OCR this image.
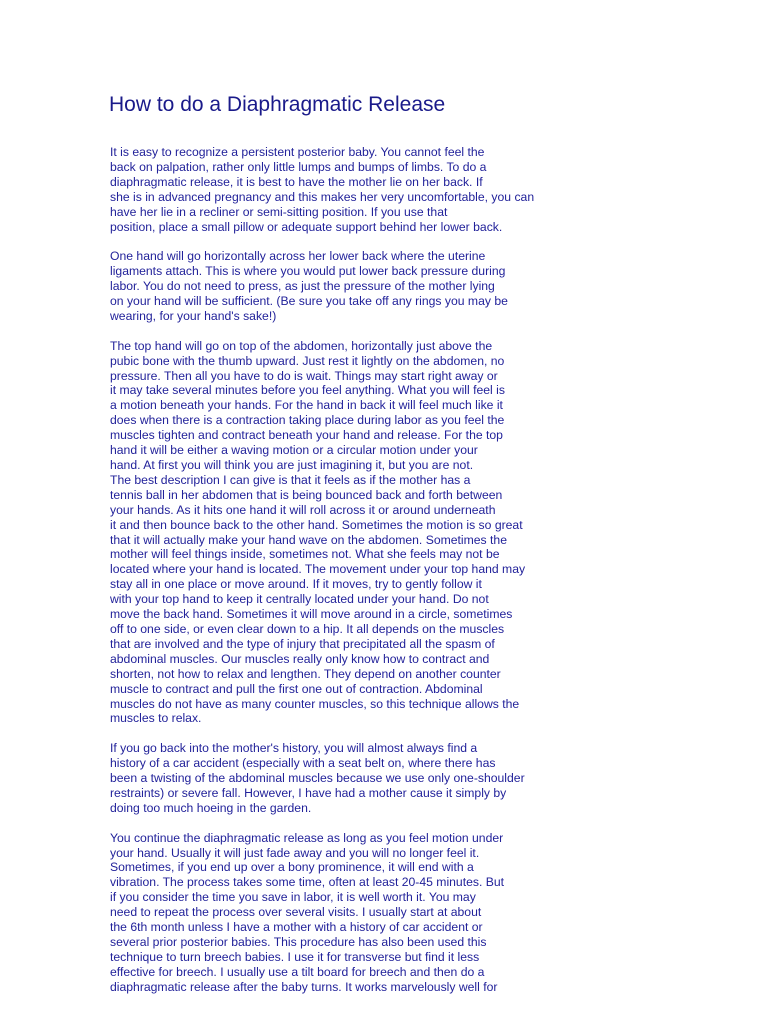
How to do a Diaphragmatic Release

It is easy to recognize a persistent posterior baby. You cannot feel the
back on palpation, rather only little lumps and bumps of limbs. To do a
diaphragmatic release, it is best to have the mother lie on her back. If
she is in advanced pregnancy and this makes her very uncomfortable, you can
have her lie in a recliner or semi-sitting position. If you use that
position, place a small pillow or adequate support behind her lower back.

One hand will go horizontally across her lower back where the uterine
ligaments attach. This is where you would put lower back pressure during
labor. You do not need to press, as just the pressure of the mother lying
on your hand will be sufficient. (Be sure you take off any rings you may be
wearing, for your hand's sake!)

The top hand will go on top of the abdomen, horizontally just above the
pubic bone with the thumb upward. Just rest it lightly on the abdomen, no
pressure. Then all you have to do is wait. Things may start right away or
it may take several minutes before you feel anything. What you will feel is
a motion beneath your hands. For the hand in back it will feel much like it
does when there is a contraction taking place during labor as you feel the
muscles tighten and contract beneath your hand and release. For the top
hand it will be either a waving motion or a circular motion under your
hand. At first you will think you are just imagining it, but you are not.
The best description I can give is that it feels as if the mother has a
tennis ball in her abdomen that is being bounced back and forth between
your hands. As it hits one hand it will roll across it or around underneath
it and then bounce back to the other hand. Sometimes the motion is so great
that it will actually make your hand wave on the abdomen. Sometimes the
mother will feel things inside, sometimes not. What she feels may not be
located where your hand is located. The movement under your top hand may
stay all in one place or move around. If it moves, try to gently follow it
with your top hand to keep it centrally located under your hand. Do not
move the back hand. Sometimes it will move around in a circle, sometimes
off to one side, or even clear down to a hip. It all depends on the muscles
that are involved and the type of injury that precipitated all the spasm of
abdominal muscles. Our muscles really only know how to contract and
shorten, not how to relax and lengthen. They depend on another counter
muscle to contract and pull the first one out of contraction. Abdominal
muscles do not have as many counter muscles, so this technique allows the
muscles to relax.

If you go back into the mother's history, you will almost always find a
history of a car accident (especially with a seat belt on, where there has
been a twisting of the abdominal muscles because we use only one-shoulder
restraints) or severe fall. However, I have had a mother cause it simply by
doing too much hoeing in the garden.

You continue the diaphragmatic release as long as you feel motion under
your hand. Usually it will just fade away and you will no longer feel it.
Sometimes, if you end up over a bony prominence, it will end with a
vibration. The process takes some time, often at least 20-45 minutes. But
if you consider the time you save in labor, it is well worth it. You may
need to repeat the process over several visits. I usually start at about
the 6th month unless I have a mother with a history of car accident or
several prior posterior babies. This procedure has also been used this
technique to turn breech babies. I use it for transverse but find it less
effective for breech. I usually use a tilt board for breech and then do a
diaphragmatic release after the baby turns. It works marvelously well for
